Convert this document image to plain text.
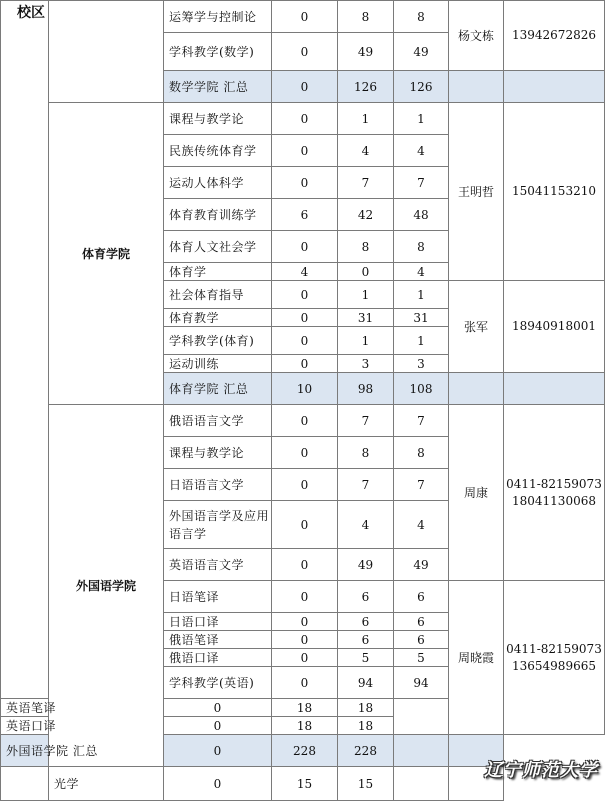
校区		运筹学与控制论	0	8	8	杨文栋	13942672826
		学科教学(数学)	0	49	49		
		数学学院 汇总	0	126	126		
	体育学院	课程与教学论	0	1	1	王明哲	15041153210
		民族传统体育学	0	4	4		
		运动人体科学	0	7	7		
		体育教育训练学	6	42	48		
		体育人文社会学	0	8	8		
		体育学	4	0	4		
		社会体育指导	0	1	1	张军	18940918001
		体育教学	0	31	31		
		学科教学(体育)	0	1	1		
		运动训练	0	3	3		
		体育学院 汇总	10	98	108		
	外国语学院	俄语语言文学	0	7	7	周康	0411-82159073
18041130068
		课程与教学论	0	8	8		
		日语语言文学	0	7	7		
		外国语言学及应用语言学	0	4	4		
		英语语言文学	0	49	49		
		日语笔译	0	6	6	周晓霞	0411-82159073
13654989665
		日语口译	0	6	6		
		俄语笔译	0	6	6		
		俄语口译	0	5	5		
		学科教学(英语)	0	94	94		
英语笔译		0	18	18			
英语口译		0	18	18			
外国语学院 汇总		0	228	228			
	光学	0	15	15			
辽宁师范大学
